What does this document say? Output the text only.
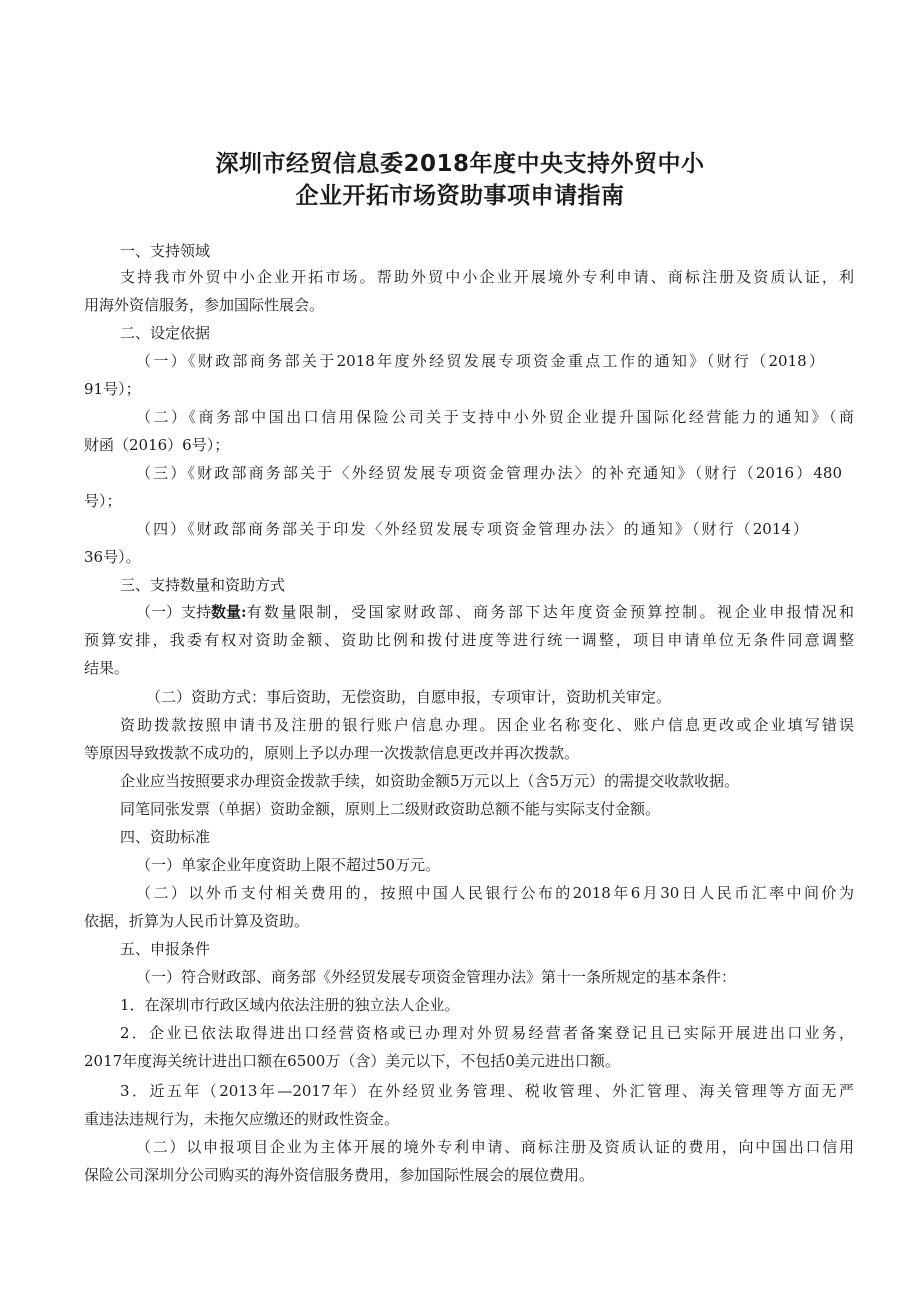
深圳市经贸信息委2018年度中央支持外贸中小
企业开拓市场资助事项申请指南
一、支持领域
支持我市外贸中小企业开拓市场。帮助外贸中小企业开展境外专利申请、商标注册及资质认证，利
用海外资信服务，参加国际性展会。
二、设定依据
（一）《财政部商务部关于2018年度外经贸发展专项资金重点工作的通知》（财行（2018）
91号）；
（二）《商务部中国出口信用保险公司关于支持中小外贸企业提升国际化经营能力的通知》（商
财函（2016）6号）；
（三）《财政部商务部关于〈外经贸发展专项资金管理办法〉的补充通知》（财行（2016）480
号）；
（四）《财政部商务部关于印发〈外经贸发展专项资金管理办法〉的通知》（财行（2014）
36号）。
三、支持数量和资助方式
（一）支持 数量: 有数量限制，受国家财政部、商务部下达年度资金预算控制。视企业申报情况和
预算安排，我委有权对资助金额、资助比例和拨付进度等进行统一调整，项目申请单位无条件同意调整
结果。
（二）资助方式：事后资助，无偿资助，自愿申报，专项审计，资助机关审定。
资助拨款按照申请书及注册的银行账户信息办理。因企业名称变化、账户信息更改或企业填写错误
等原因导致拨款不成功的，原则上予以办理一次拨款信息更改并再次拨款。
企业应当按照要求办理资金拨款手续，如资助金额5万元以上（含5万元）的需提交收款收据。
同笔同张发票（单据）资助金额，原则上二级财政资助总额不能与实际支付金额。
四、资助标准
（一）单家企业年度资助上限不超过50万元。
（二）以外币支付相关费用的，按照中国人民银行公布的2018年6月30日人民币汇率中间价为
依据，折算为人民币计算及资助。
五、申报条件
（一）符合财政部、商务部《外经贸发展专项资金管理办法》第十一条所规定的基本条件：
1．在深圳市行政区域内依法注册的独立法人企业。
2．企业已依法取得进出口经营资格或已办理对外贸易经营者备案登记且已实际开展进出口业务，
2017年度海关统计进出口额在6500万（含）美元以下，不包括0美元进出口额。
3．近五年（2013年—2017年）在外经贸业务管理、税收管理、外汇管理、海关管理等方面无严
重违法违规行为，未拖欠应缴还的财政性资金。
（二）以申报项目企业为主体开展的境外专利申请、商标注册及资质认证的费用，向中国出口信用
保险公司深圳分公司购买的海外资信服务费用，参加国际性展会的展位费用。
